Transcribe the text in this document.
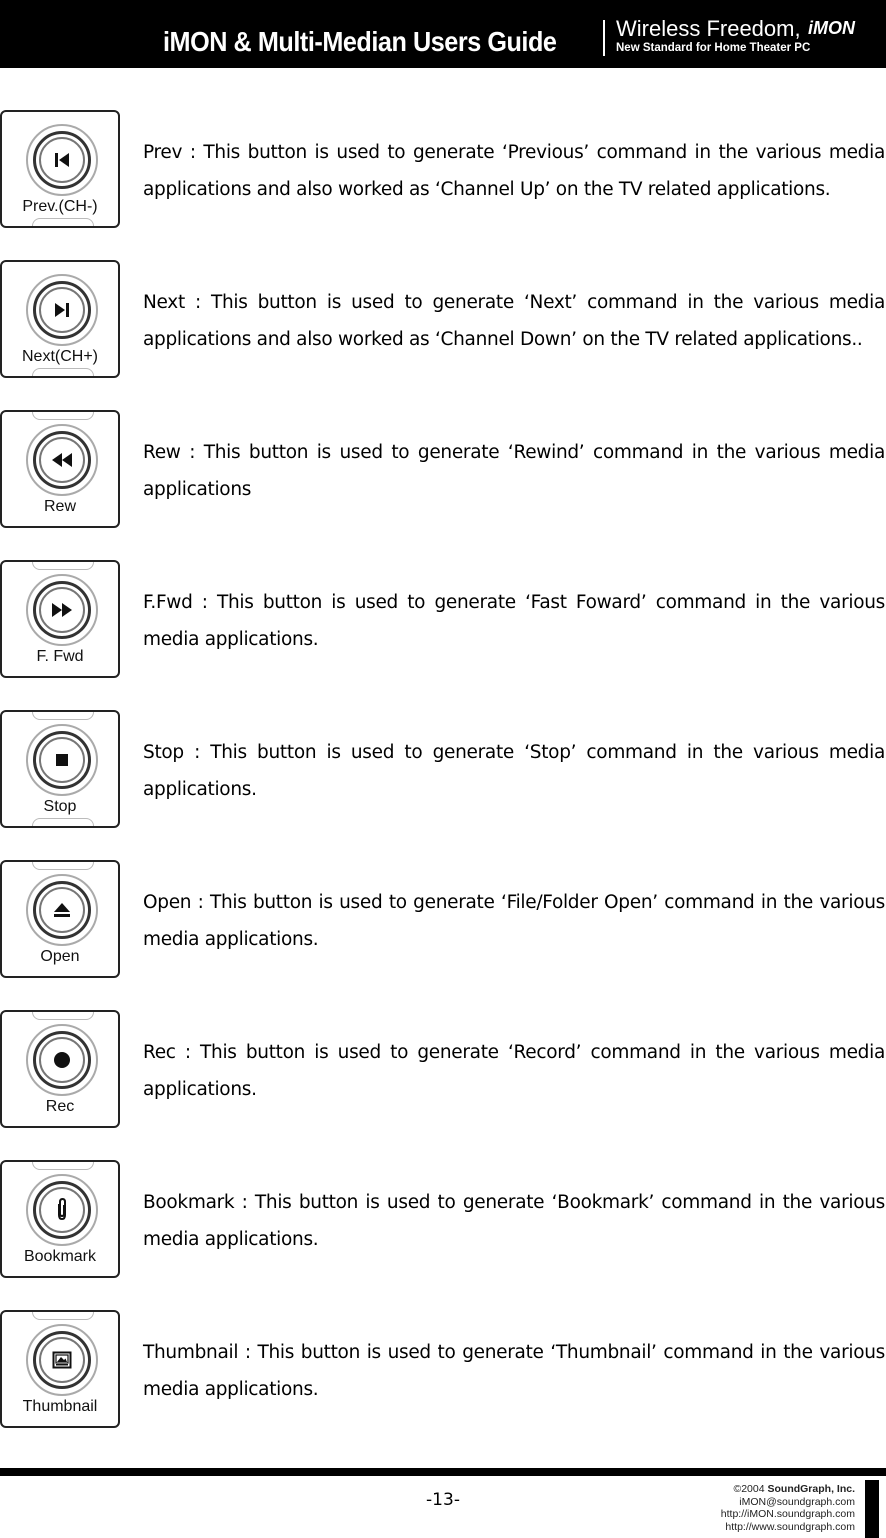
iMON & Multi-Median Users Guide	Wireless Freedom, iMON
New Standard for Home Theater PC
Prev.(CH-)
Prev : This button is used to generate ‘Previous’ command in the various media applications and also worked as ‘Channel Up’ on the TV related applications.
Next(CH+)
Next : This button is used to generate ‘Next’ command in the various media applications and also worked as ‘Channel Down’ on the TV related applications..
Rew
Rew : This button is used to generate ‘Rewind’ command in the various media applications
F. Fwd
F.Fwd : This button is used to generate ‘Fast Foward’ command in the various media applications.
Stop
Stop : This button is used to generate ‘Stop’ command in the various media applications.
Open
Open : This button is used to generate ‘File/Folder Open’ command in the various media applications.
Rec
Rec : This button is used to generate ‘Record’ command in the various media applications.
Bookmark
Bookmark : This button is used to generate ‘Bookmark’ command in the various media applications.
Thumbnail
Thumbnail : This button is used to generate ‘Thumbnail’ command in the various media applications.
-13-
©2004 SoundGraph, Inc.
iMON@soundgraph.com
http://iMON.soundgraph.com
http://www.soundgraph.com
